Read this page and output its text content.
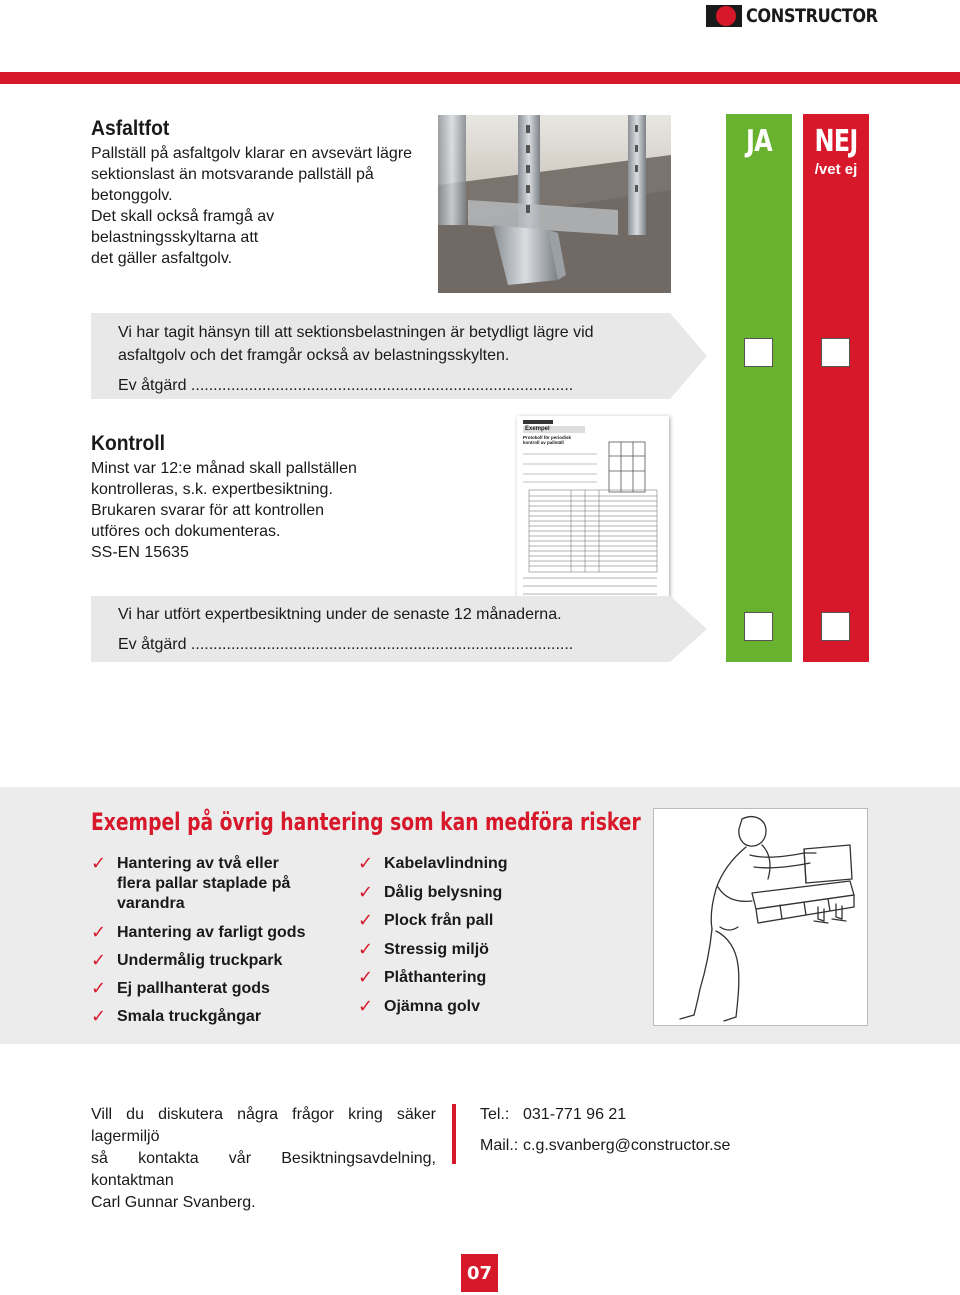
CONSTRUCTOR
JA	NEJ
/vet ej
Asfaltfot
Pallställ på asfaltgolv klarar en avsevärt lägre
sektionslast än motsvarande pallställ på betonggolv.
Det skall också framgå av belastningsskyltarna att
det gäller asfaltgolv.
Vi har tagit hänsyn till att sektionsbelastningen är betydligt lägre vid
asfaltgolv och det framgår också av belastningsskylten.
Ev åtgärd ......................................................................................
Kontroll
Minst var 12:e månad skall pallställen
kontrolleras, s.k. expertbesiktning.
Brukaren svarar för att kontrollen
utföres och dokumenteras.
SS-EN 15635
Exempel
Protokoll för periodisk
kontroll av pallställ
Vi har utfört expertbesiktning under de senaste 12 månaderna.
Ev åtgärd ......................................................................................
Exempel på övrig hantering som kan medföra risker
✓ Hantering av två eller flera pallar staplade på varandra
✓ Hantering av farligt gods
✓ Undermålig truckpark
✓ Ej pallhanterat gods
✓ Smala truckgångar
✓ Kabelavlindning
✓ Dålig belysning
✓ Plock från pall
✓ Stressig miljö
✓ Plåthantering
✓ Ojämna golv
Vill du diskutera några frågor kring säker lagermiljö
så kontakta vår Besiktningsavdelning, kontaktman
Carl Gunnar Svanberg.
Tel.: 031-771 96 21
Mail.: c.g.svanberg@constructor.se
07
